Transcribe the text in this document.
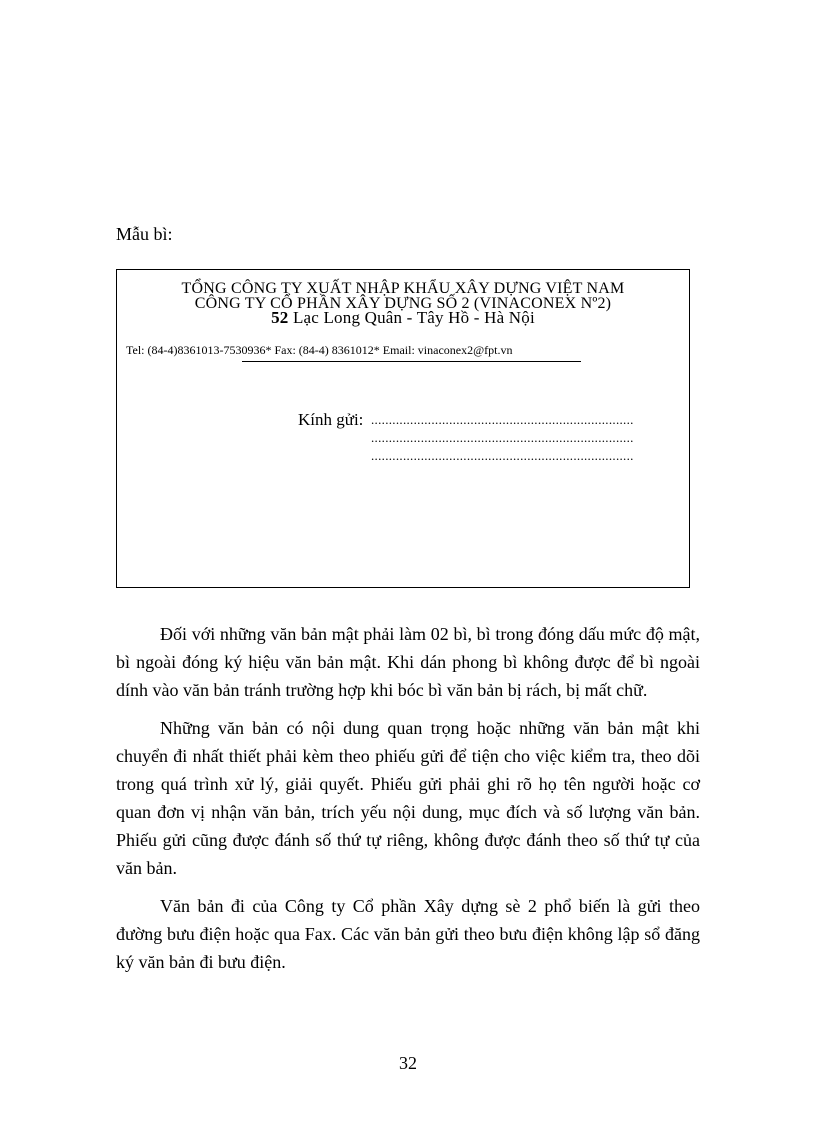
Mẫu bì:
TỔNG CÔNG TY XUẤT NHẬP KHẨU XÂY DỰNG VIỆT NAM
CÔNG TY CỔ PHẦN XÂY DỰNG SỐ 2 (VINACONEX Nº2)
52 Lạc Long Quân - Tây Hồ - Hà Nội
Tel: (84-4)8361013-7530936* Fax: (84-4) 8361012* Email: vinaconex2@fpt.vn
Kính gửi: ..........................................................................
..........................................................................
..........................................................................

Đối với những văn bản mật phải làm 02 bì, bì trong đóng dấu mức độ mật, bì ngoài đóng ký hiệu văn bản mật. Khi dán phong bì không được để bì ngoài dính vào văn bản tránh trường hợp khi bóc bì văn bản bị rách, bị mất chữ.

Những văn bản có nội dung quan trọng hoặc những văn bản mật khi chuyển đi nhất thiết phải kèm theo phiếu gửi để tiện cho việc kiểm tra, theo dõi trong quá trình xử lý, giải quyết. Phiếu gửi phải ghi rõ họ tên người hoặc cơ quan đơn vị nhận văn bản, trích yếu nội dung, mục đích và số lượng văn bản. Phiếu gửi cũng được đánh số thứ tự riêng, không được đánh theo số thứ tự của văn bản.

Văn bản đi của Công ty Cổ phần Xây dựng sè 2 phổ biến là gửi theo đường bưu điện hoặc qua Fax. Các văn bản gửi theo bưu điện không lập sổ đăng ký văn bản đi bưu điện.

32
